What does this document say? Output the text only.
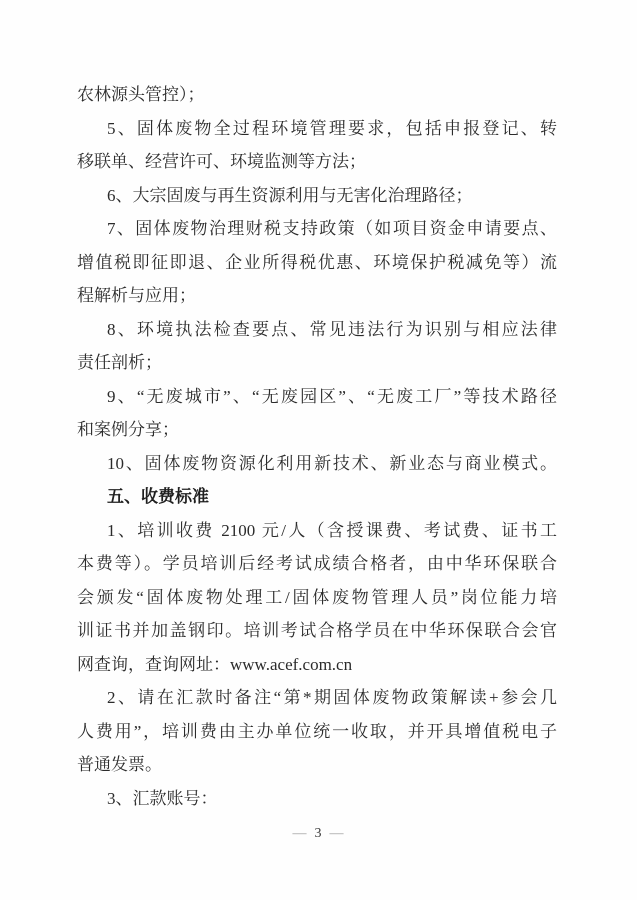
农林源头管控）；
5、固体废物全过程环境管理要求，包括申报登记、转
移联单、经营许可、环境监测等方法；
6、大宗固废与再生资源利用与无害化治理路径；
7、固体废物治理财税支持政策（如项目资金申请要点、
增值税即征即退、企业所得税优惠、环境保护税减免等）流
程解析与应用；
8、环境执法检查要点、常见违法行为识别与相应法律
责任剖析；
9、“无废城市”、“无废园区”、“无废工厂”等技术路径
和案例分享；
10、固体废物资源化利用新技术、新业态与商业模式。
五、收费标准
1、培训收费 2100 元/人（含授课费、考试费、证书工
本费等）。学员培训后经考试成绩合格者，由中华环保联合
会颁发“固体废物处理工/固体废物管理人员”岗位能力培
训证书并加盖钢印。培训考试合格学员在中华环保联合会官
网查询，查询网址：www.acef.com.cn
2、请在汇款时备注“第*期固体废物政策解读+参会几
人费用”，培训费由主办单位统一收取，并开具增值税电子
普通发票。
3、汇款账号：
— 3 —
